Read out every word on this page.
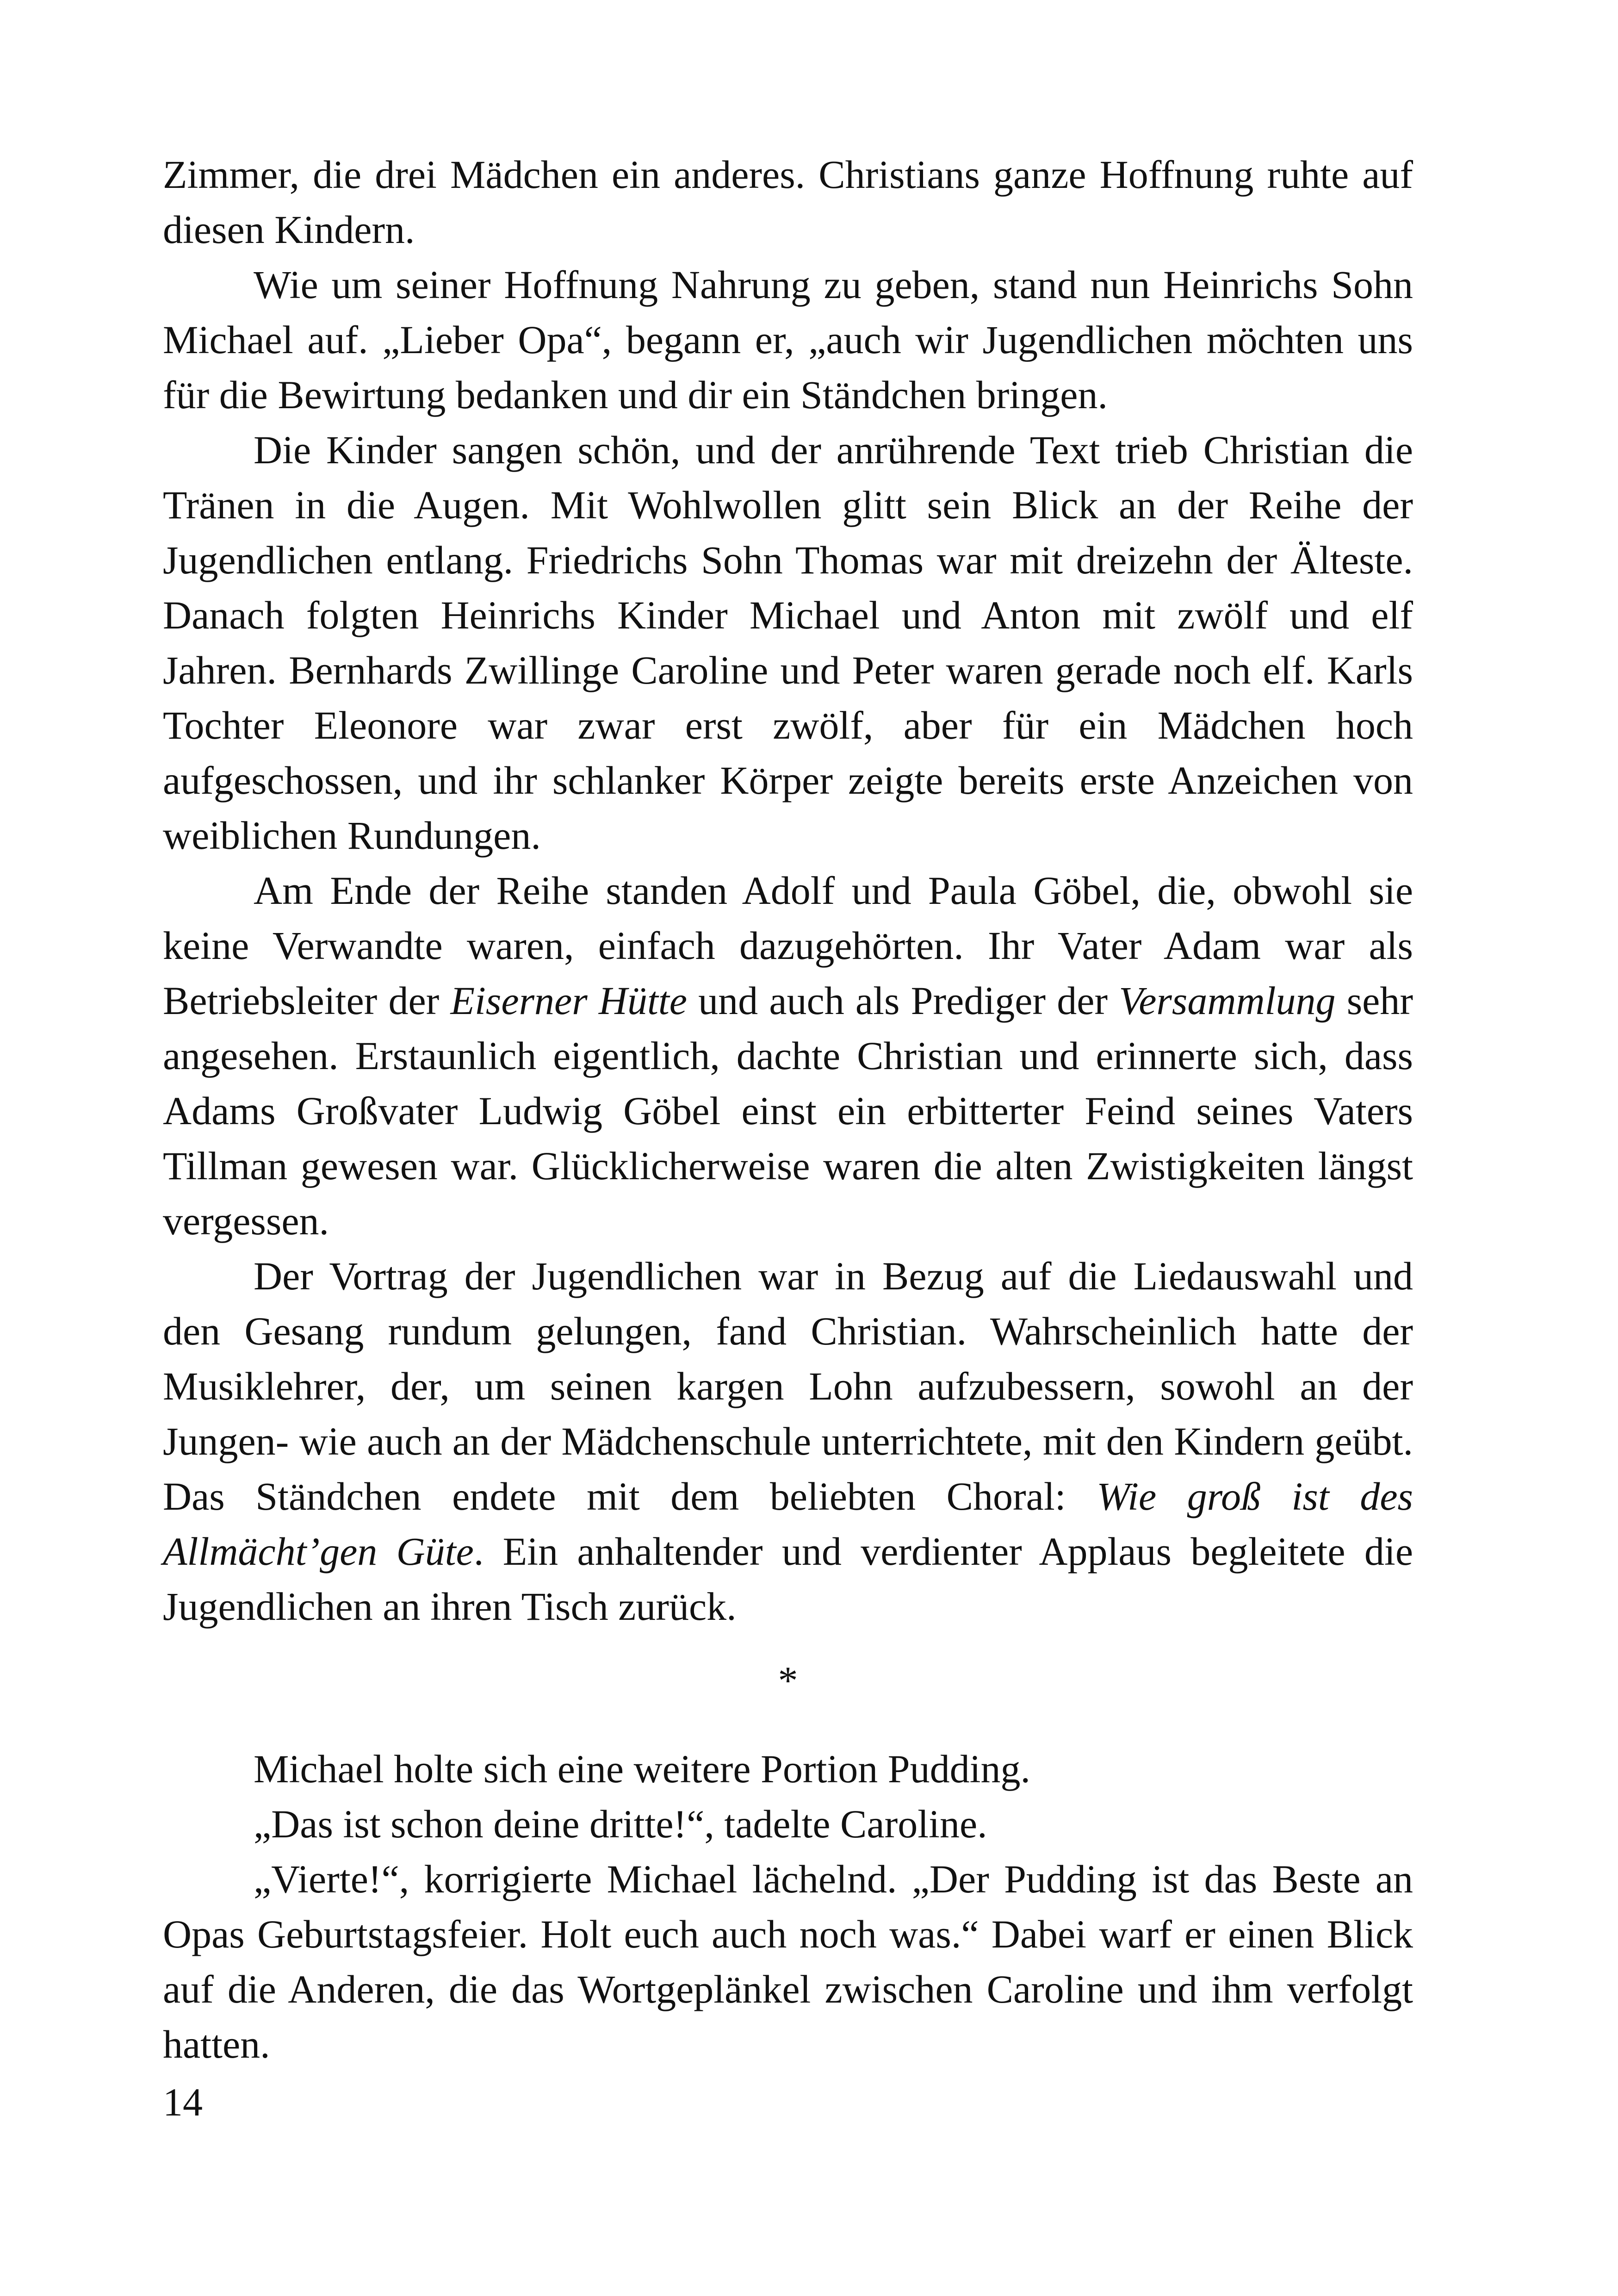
Zimmer, die drei Mädchen ein anderes. Christians ganze Hoffnung ruhte auf diesen Kindern.

Wie um seiner Hoffnung Nahrung zu geben, stand nun Heinrichs Sohn Michael auf. „Lieber Opa“, begann er, „auch wir Jugendlichen möchten uns für die Bewirtung bedanken und dir ein Ständchen bringen.

Die Kinder sangen schön, und der anrührende Text trieb Christian die Tränen in die Augen. Mit Wohlwollen glitt sein Blick an der Reihe der Jugendlichen entlang. Friedrichs Sohn Thomas war mit dreizehn der Älteste. Danach folgten Heinrichs Kinder Michael und Anton mit zwölf und elf Jahren. Bernhards Zwillinge Caroline und Peter waren gerade noch elf. Karls Tochter Eleonore war zwar erst zwölf, aber für ein Mädchen hoch aufgeschossen, und ihr schlanker Körper zeigte bereits erste Anzeichen von weiblichen Rundungen.

Am Ende der Reihe standen Adolf und Paula Göbel, die, obwohl sie keine Verwandte waren, einfach dazugehörten. Ihr Vater Adam war als Betriebsleiter der Eiserner Hütte und auch als Prediger der Versammlung sehr angesehen. Erstaunlich eigentlich, dachte Christian und erinnerte sich, dass Adams Großvater Ludwig Göbel einst ein erbitterter Feind seines Vaters Tillman gewesen war. Glücklicherweise waren die alten Zwistigkeiten längst vergessen.

Der Vortrag der Jugendlichen war in Bezug auf die Liedauswahl und den Gesang rundum gelungen, fand Christian. Wahrscheinlich hatte der Musiklehrer, der, um seinen kargen Lohn aufzubessern, sowohl an der Jungen- wie auch an der Mädchenschule unterrichtete, mit den Kindern geübt. Das Ständchen endete mit dem beliebten Choral: Wie groß ist des Allmächt’gen Güte. Ein anhaltender und verdienter Applaus begleitete die Jugendlichen an ihren Tisch zurück.

*

Michael holte sich eine weitere Portion Pudding.

„Das ist schon deine dritte!“, tadelte Caroline.

„Vierte!“, korrigierte Michael lächelnd. „Der Pudding ist das Beste an Opas Geburtstagsfeier. Holt euch auch noch was.“ Dabei warf er einen Blick auf die Anderen, die das Wortgeplänkel zwischen Caroline und ihm verfolgt hatten.

14
